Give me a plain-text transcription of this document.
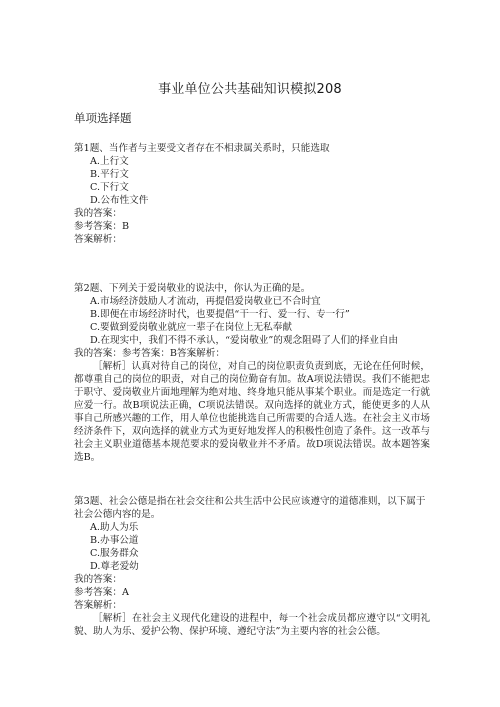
事业单位公共基础知识模拟208
单项选择题
第1题、当作者与主要受文者存在不相隶属关系时，只能选取
A.上行文
B.平行文
C.下行文
D.公布性文件
我的答案：
参考答案：B
答案解析：
第2题、下列关于爱岗敬业的说法中，你认为正确的是。
A.市场经济鼓励人才流动，再提倡爱岗敬业已不合时宜
B.即便在市场经济时代，也要提倡“干一行、爱一行、专一行”
C.要做到爱岗敬业就应一辈子在岗位上无私奉献
D.在现实中，我们不得不承认，“爱岗敬业”的观念阻碍了人们的择业自由
我的答案：参考答案：B答案解析：
［解析］认真对待自己的岗位，对自己的岗位职责负责到底，无论在任何时候，都尊重自己的岗位的职责，对自己的岗位勤奋有加。故A项说法错误。我们不能把忠于职守、爱岗敬业片面地理解为绝对地、终身地只能从事某个职业。而是选定一行就应爱一行。故B项说法正确，C项说法错误。双向选择的就业方式，能使更多的人从事自己所感兴趣的工作，用人单位也能挑选自己所需要的合适人选。在社会主义市场经济条件下，双向选择的就业方式为更好地发挥人的积极性创造了条件。这一改革与社会主义职业道德基本规范要求的爱岗敬业并不矛盾。故D项说法错误。故本题答案选B。
第3题、社会公德是指在社会交往和公共生活中公民应该遵守的道德准则，以下属于社会公德内容的是。
A.助人为乐
B.办事公道
C.服务群众
D.尊老爱幼
我的答案：
参考答案：A
答案解析：
［解析］在社会主义现代化建设的进程中，每一个社会成员都应遵守以“文明礼貌、助人为乐、爱护公物、保护环境、遵纪守法”为主要内容的社会公德。
